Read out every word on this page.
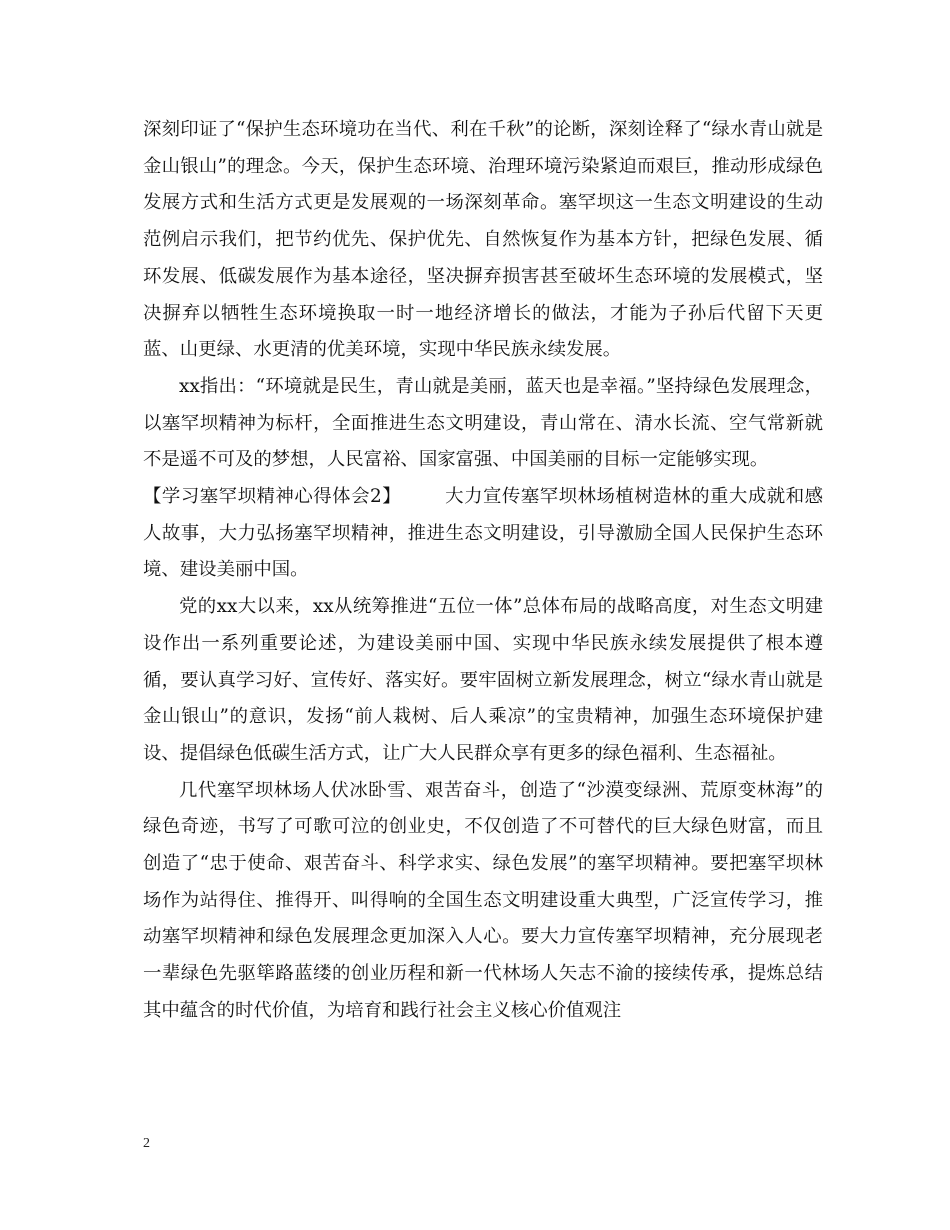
深刻印证了“保护生态环境功在当代、利在千秋”的论断，深刻诠释了“绿水青山就是金山银山”的理念。今天，保护生态环境、治理环境污染紧迫而艰巨，推动形成绿色发展方式和生活方式更是发展观的一场深刻革命。塞罕坝这一生态文明建设的生动范例启示我们，把节约优先、保护优先、自然恢复作为基本方针，把绿色发展、循环发展、低碳发展作为基本途径，坚决摒弃损害甚至破坏生态环境的发展模式，坚决摒弃以牺牲生态环境换取一时一地经济增长的做法，才能为子孙后代留下天更蓝、山更绿、水更清的优美环境，实现中华民族永续发展。

xx指出：“环境就是民生，青山就是美丽，蓝天也是幸福。”坚持绿色发展理念，以塞罕坝精神为标杆，全面推进生态文明建设，青山常在、清水长流、空气常新就不是遥不可及的梦想，人民富裕、国家富强、中国美丽的目标一定能够实现。

【学习塞罕坝精神心得体会2】 大力宣传塞罕坝林场植树造林的重大成就和感人故事，大力弘扬塞罕坝精神，推进生态文明建设，引导激励全国人民保护生态环境、建设美丽中国。

党的xx大以来，xx从统筹推进“五位一体”总体布局的战略高度，对生态文明建设作出一系列重要论述，为建设美丽中国、实现中华民族永续发展提供了根本遵循，要认真学习好、宣传好、落实好。要牢固树立新发展理念，树立“绿水青山就是金山银山”的意识，发扬“前人栽树、后人乘凉”的宝贵精神，加强生态环境保护建设、提倡绿色低碳生活方式，让广大人民群众享有更多的绿色福利、生态福祉。

几代塞罕坝林场人伏冰卧雪、艰苦奋斗，创造了“沙漠变绿洲、荒原变林海”的绿色奇迹，书写了可歌可泣的创业史，不仅创造了不可替代的巨大绿色财富，而且创造了“忠于使命、艰苦奋斗、科学求实、绿色发展”的塞罕坝精神。要把塞罕坝林场作为站得住、推得开、叫得响的全国生态文明建设重大典型，广泛宣传学习，推动塞罕坝精神和绿色发展理念更加深入人心。要大力宣传塞罕坝精神，充分展现老一辈绿色先驱筚路蓝缕的创业历程和新一代林场人矢志不渝的接续传承，提炼总结其中蕴含的时代价值，为培育和践行社会主义核心价值观注

2
